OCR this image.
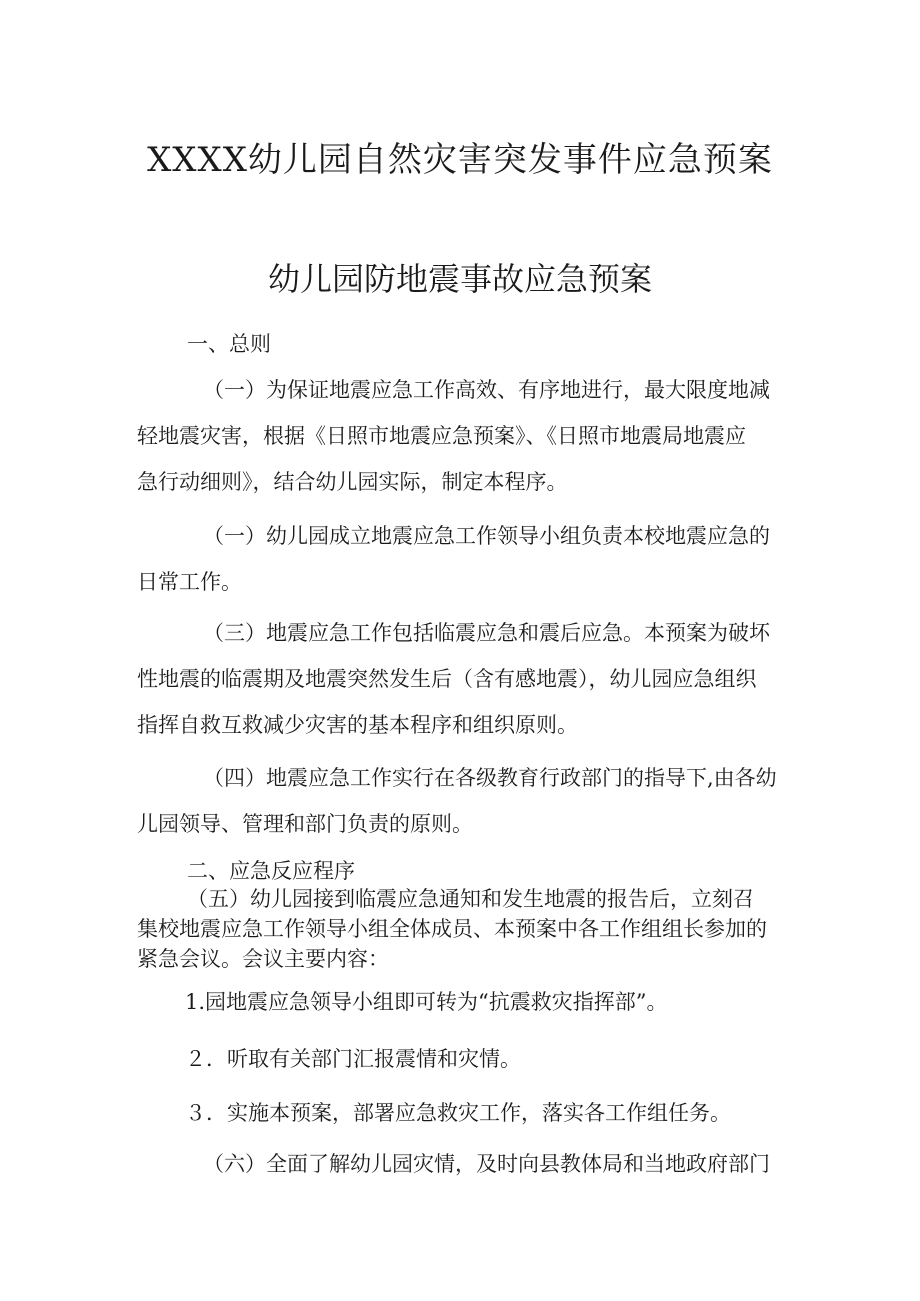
XXXX幼儿园自然灾害突发事件应急预案
幼儿园防地震事故应急预案

一、总则

（一）为保证地震应急工作高效、有序地进行，最大限度地减
轻地震灾害，根据《日照市地震应急预案》、《日照市地震局地震应
急行动细则》，结合幼儿园实际，制定本程序。

（一）幼儿园成立地震应急工作领导小组负责本校地震应急的
日常工作。

（三）地震应急工作包括临震应急和震后应急。本预案为破坏
性地震的临震期及地震突然发生后（含有感地震），幼儿园应急组织
指挥自救互救减少灾害的基本程序和组织原则。

（四）地震应急工作实行在各级教育行政部门的指导下,由各幼
儿园领导、管理和部门负责的原则。

二、应急反应程序

（五）幼儿园接到临震应急通知和发生地震的报告后，立刻召
集校地震应急工作领导小组全体成员、本预案中各工作组组长参加的
紧急会议。会议主要内容：

1.园地震应急领导小组即可转为“抗震救灾指挥部”。

２．听取有关部门汇报震情和灾情。

３．实施本预案，部署应急救灾工作，落实各工作组任务。

（六）全面了解幼儿园灾情，及时向县教体局和当地政府部门
